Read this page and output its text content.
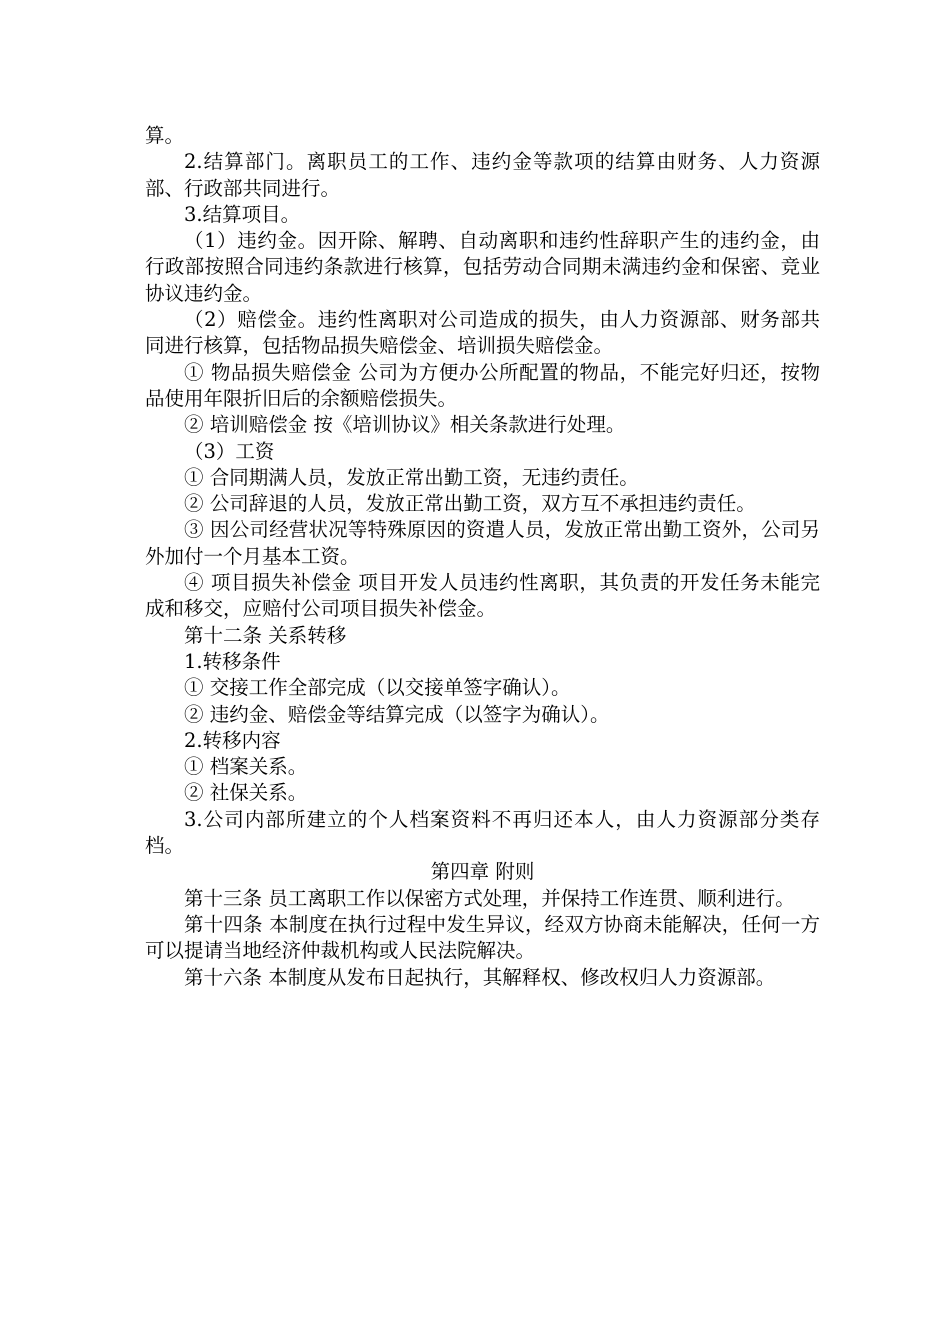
算。

2.结算部门。离职员工的工作、违约金等款项的结算由财务、人力资源部、行政部共同进行。

3.结算项目。

（1）违约金。因开除、解聘、自动离职和违约性辞职产生的违约金，由行政部按照合同违约条款进行核算，包括劳动合同期未满违约金和保密、竞业协议违约金。

（2）赔偿金。违约性离职对公司造成的损失，由人力资源部、财务部共同进行核算，包括物品损失赔偿金、培训损失赔偿金。

① 物品损失赔偿金 公司为方便办公所配置的物品，不能完好归还，按物品使用年限折旧后的余额赔偿损失。

② 培训赔偿金 按《培训协议》相关条款进行处理。

（3）工资

① 合同期满人员，发放正常出勤工资，无违约责任。

② 公司辞退的人员，发放正常出勤工资，双方互不承担违约责任。

③ 因公司经营状况等特殊原因的资遣人员，发放正常出勤工资外，公司另外加付一个月基本工资。

④ 项目损失补偿金 项目开发人员违约性离职，其负责的开发任务未能完成和移交，应赔付公司项目损失补偿金。

第十二条 关系转移

1.转移条件

① 交接工作全部完成（以交接单签字确认）。

② 违约金、赔偿金等结算完成（以签字为确认）。

2.转移内容

① 档案关系。

② 社保关系。

3.公司内部所建立的个人档案资料不再归还本人，由人力资源部分类存档。

第四章 附则

第十三条 员工离职工作以保密方式处理，并保持工作连贯、顺利进行。

第十四条 本制度在执行过程中发生异议，经双方协商未能解决，任何一方可以提请当地经济仲裁机构或人民法院解决。

第十六条 本制度从发布日起执行，其解释权、修改权归人力资源部。
